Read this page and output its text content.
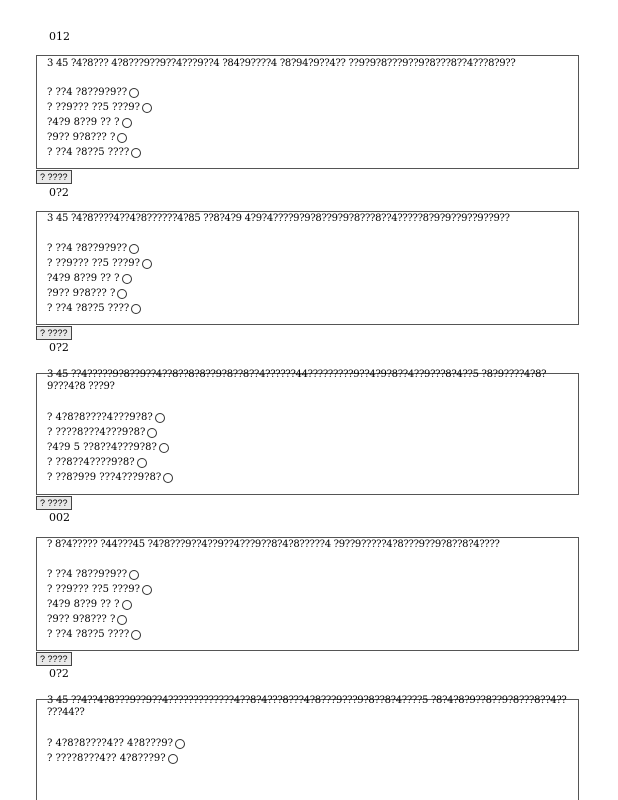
012
3 45 ?4?8??? 4?8???9??9??4???9??4 ?84?9????4 ?8?94?9??4?? ??9?9?8???9??9?8???8??4???8?9??
? ??4 ?8??9?9??
? ??9??? ??5 ???9?
?4?9 8??9 ?? ?
?9?? 9?8??? ?
? ??4 ?8??5 ????
? ????
0?2
3 45 ?4?8????4??4?8??????4?85 ??8?4?9 4?9?4????9?9?8??9?9?8???8??4?????8?9?9??9??9??9??
? ??4 ?8??9?9??
? ??9??? ??5 ???9?
?4?9 8??9 ?? ?
?9?? 9?8??? ?
? ??4 ?8??5 ????
? ????
0?2
3 45 ??4?????9?8??9??4??8??8?8??9?8??8??4??????44?????????9??4?9?8??4??9???8?4??5 ?8?9????4?8?9???4?8 ???9?
? 4?8?8????4???9?8?
? ????8???4???9?8?
?4?9 5 ??8??4???9?8?
? ??8??4????9?8?
? ??8?9?9 ???4???9?8?
? ????
002
? 8?4????? ?44???45 ?4?8???9??4??9??4???9??8?4?8?????4 ?9??9?????4?8???9??9?8??8?4????
? ??4 ?8??9?9??
? ??9??? ??5 ???9?
?4?9 8??9 ?? ?
?9?? 9?8??? ?
? ??4 ?8??5 ????
? ????
0?2
3 45 ??4??4?8???9??9??4?????????????4??8?4???8???4?8???9???9?8??8?4????5 ?8?4?8?9??8??9?8???8??4?? ???44??
? 4?8?8????4?? 4?8???9?
? ????8???4?? 4?8???9?
